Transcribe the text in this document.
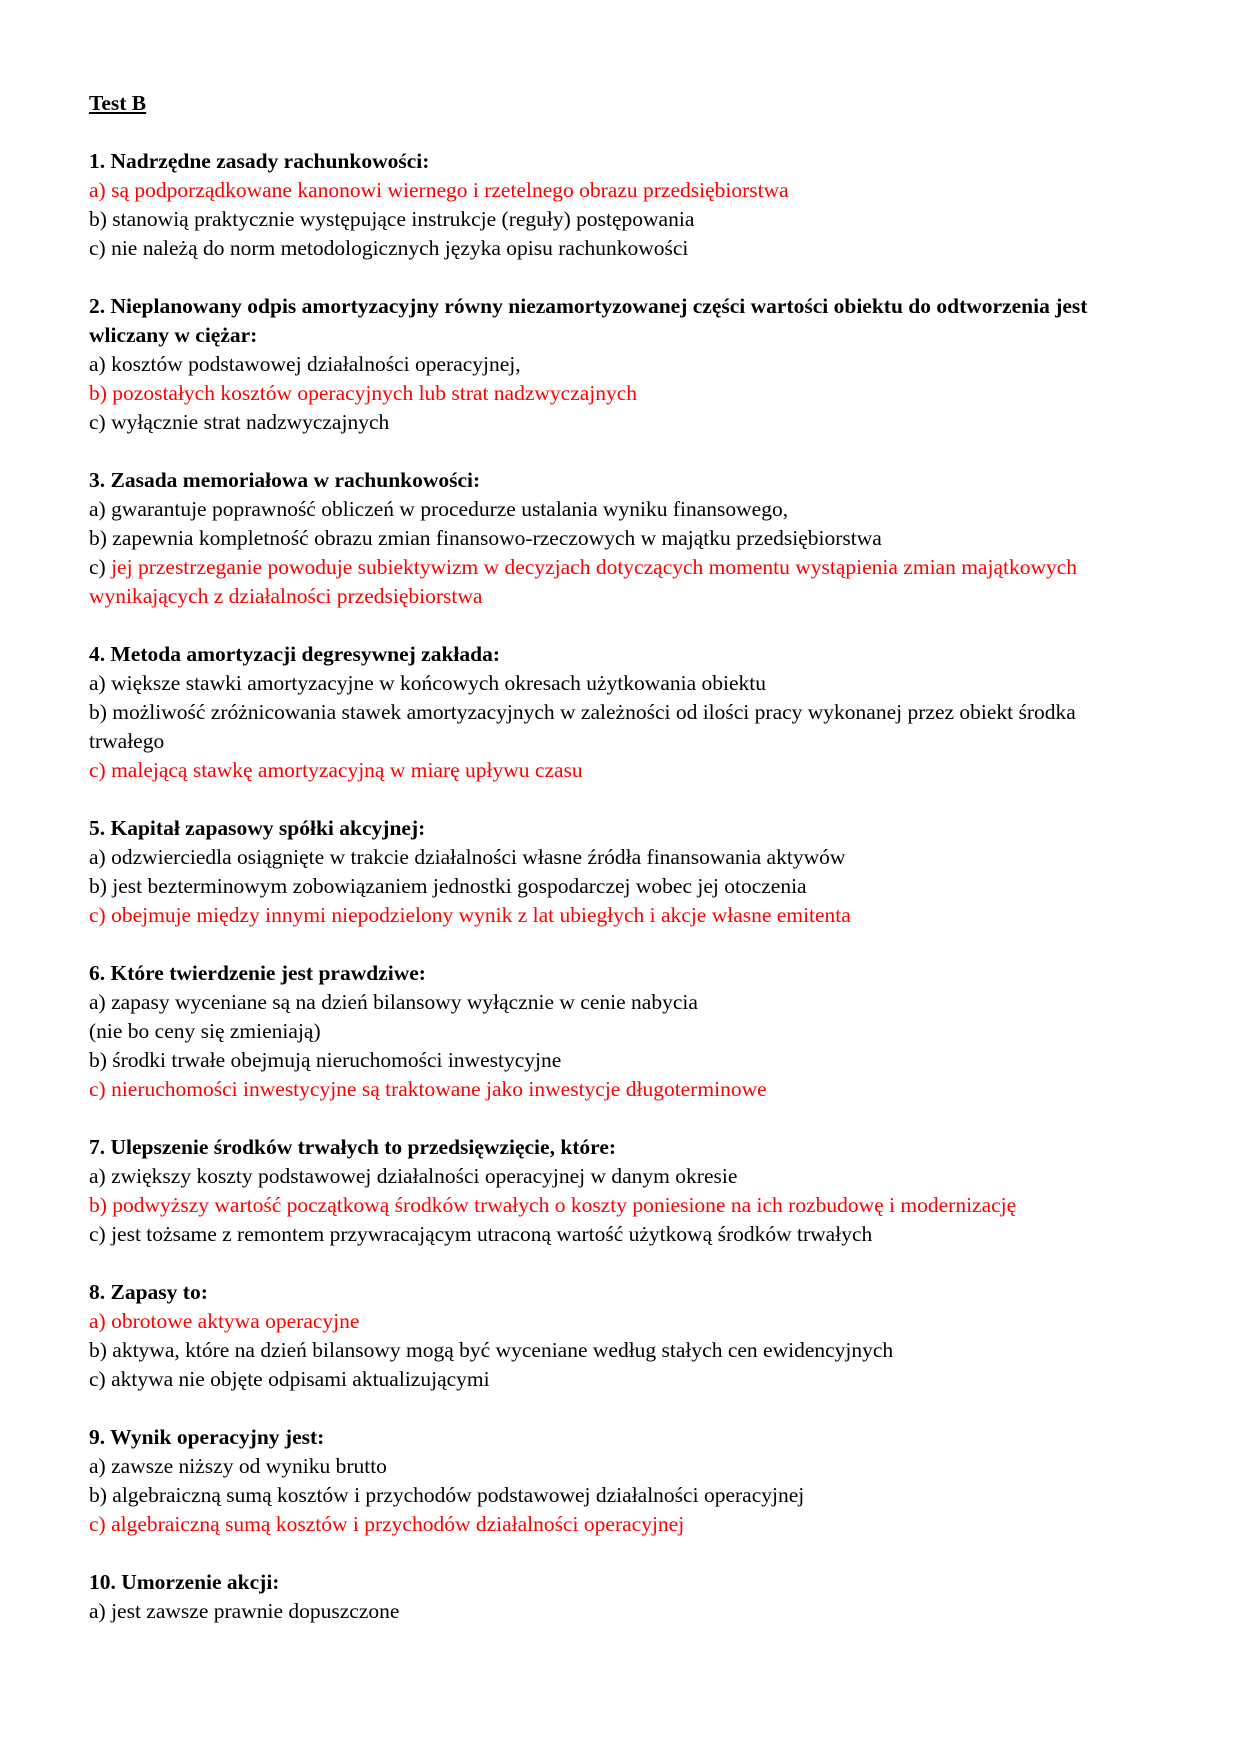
Test B
1. Nadrzędne zasady rachunkowości:
a) są podporządkowane kanonowi wiernego i rzetelnego obrazu przedsiębiorstwa
b) stanowią praktycznie występujące instrukcje (reguły) postępowania
c) nie należą do norm metodologicznych języka opisu rachunkowości
2. Nieplanowany odpis amortyzacyjny równy niezamortyzowanej części wartości obiektu do odtworzenia jest wliczany w ciężar:
a) kosztów podstawowej działalności operacyjnej,
b) pozostałych kosztów operacyjnych lub strat nadzwyczajnych
c) wyłącznie strat nadzwyczajnych
3. Zasada memoriałowa w rachunkowości:
a) gwarantuje poprawność obliczeń w procedurze ustalania wyniku finansowego,
b) zapewnia kompletność obrazu zmian finansowo-rzeczowych w majątku przedsiębiorstwa
c) jej przestrzeganie powoduje subiektywizm w decyzjach dotyczących momentu wystąpienia zmian majątkowych wynikających z działalności przedsiębiorstwa
4. Metoda amortyzacji degresywnej zakłada:
a) większe stawki amortyzacyjne w końcowych okresach użytkowania obiektu
b) możliwość zróżnicowania stawek amortyzacyjnych w zależności od ilości pracy wykonanej przez obiekt środka trwałego
c) malejącą stawkę amortyzacyjną w miarę upływu czasu
5. Kapitał zapasowy spółki akcyjnej:
a) odzwierciedla osiągnięte w trakcie działalności własne źródła finansowania aktywów
b) jest bezterminowym zobowiązaniem jednostki gospodarczej wobec jej otoczenia
c) obejmuje między innymi niepodzielony wynik z lat ubiegłych i akcje własne emitenta
6. Które twierdzenie jest prawdziwe:
a) zapasy wyceniane są na dzień bilansowy wyłącznie w cenie nabycia
(nie bo ceny się zmieniają)
b) środki trwałe obejmują nieruchomości inwestycyjne
c) nieruchomości inwestycyjne są traktowane jako inwestycje długoterminowe
7. Ulepszenie środków trwałych to przedsięwzięcie, które:
a) zwiększy koszty podstawowej działalności operacyjnej w danym okresie
b) podwyższy wartość początkową środków trwałych o koszty poniesione na ich rozbudowę i modernizację
c) jest tożsame z remontem przywracającym utraconą wartość użytkową środków trwałych
8. Zapasy to:
a) obrotowe aktywa operacyjne
b) aktywa, które na dzień bilansowy mogą być wyceniane według stałych cen ewidencyjnych
c) aktywa nie objęte odpisami aktualizującymi
9. Wynik operacyjny jest:
a) zawsze niższy od wyniku brutto
b) algebraiczną sumą kosztów i przychodów podstawowej działalności operacyjnej
c) algebraiczną sumą kosztów i przychodów działalności operacyjnej
10. Umorzenie akcji:
a) jest zawsze prawnie dopuszczone
